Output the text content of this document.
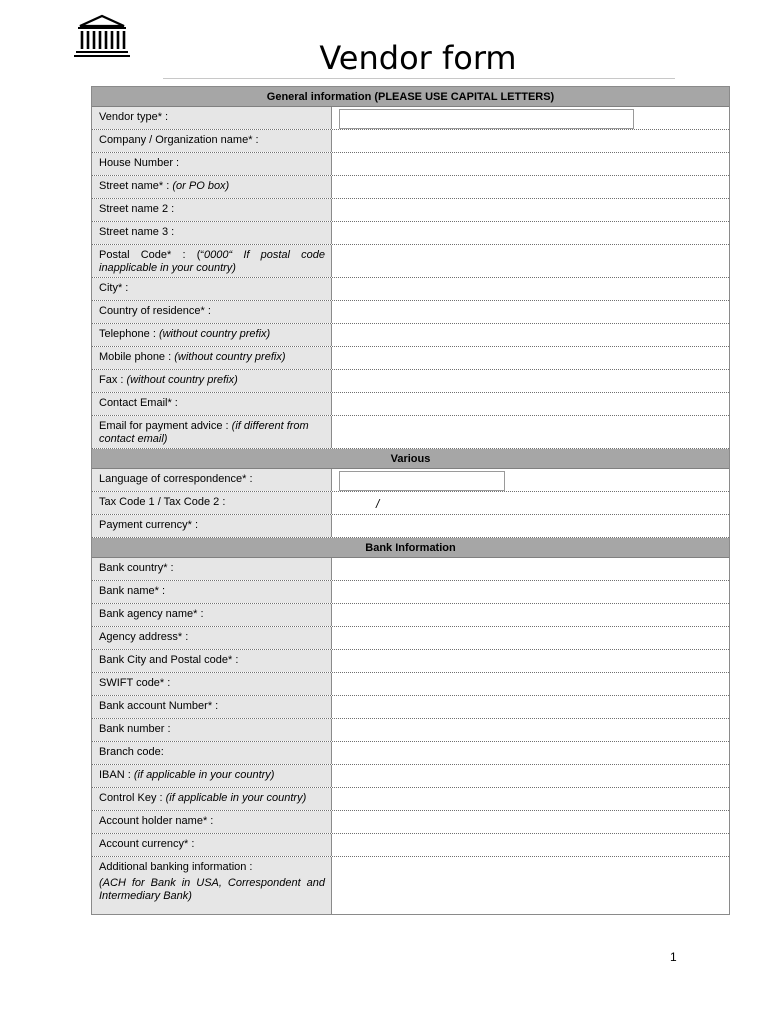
Vendor form
General information (PLEASE USE CAPITAL LETTERS)
Vendor type* :
Company / Organization name* :
House Number :
Street name* : (or PO box)
Street name 2 :
Street name 3 :
Postal Code* : (“0000“ If postal code inapplicable in your country)
City* :
Country of residence* :
Telephone : (without country prefix)
Mobile phone : (without country prefix)
Fax : (without country prefix)
Contact Email* :
Email for payment advice : (if different from contact email)
Various
Language of correspondence* :
Tax Code 1 / Tax Code 2 :	/
Payment currency* :
Bank Information
Bank country* :
Bank name* :
Bank agency name* :
Agency address* :
Bank City and Postal code* :
SWIFT code* :
Bank account Number* :
Bank number :
Branch code:
IBAN : (if applicable in your country)
Control Key : (if applicable in your country)
Account holder name* :
Account currency* :
Additional banking information :
(ACH for Bank in USA, Correspondent and Intermediary Bank)
1
